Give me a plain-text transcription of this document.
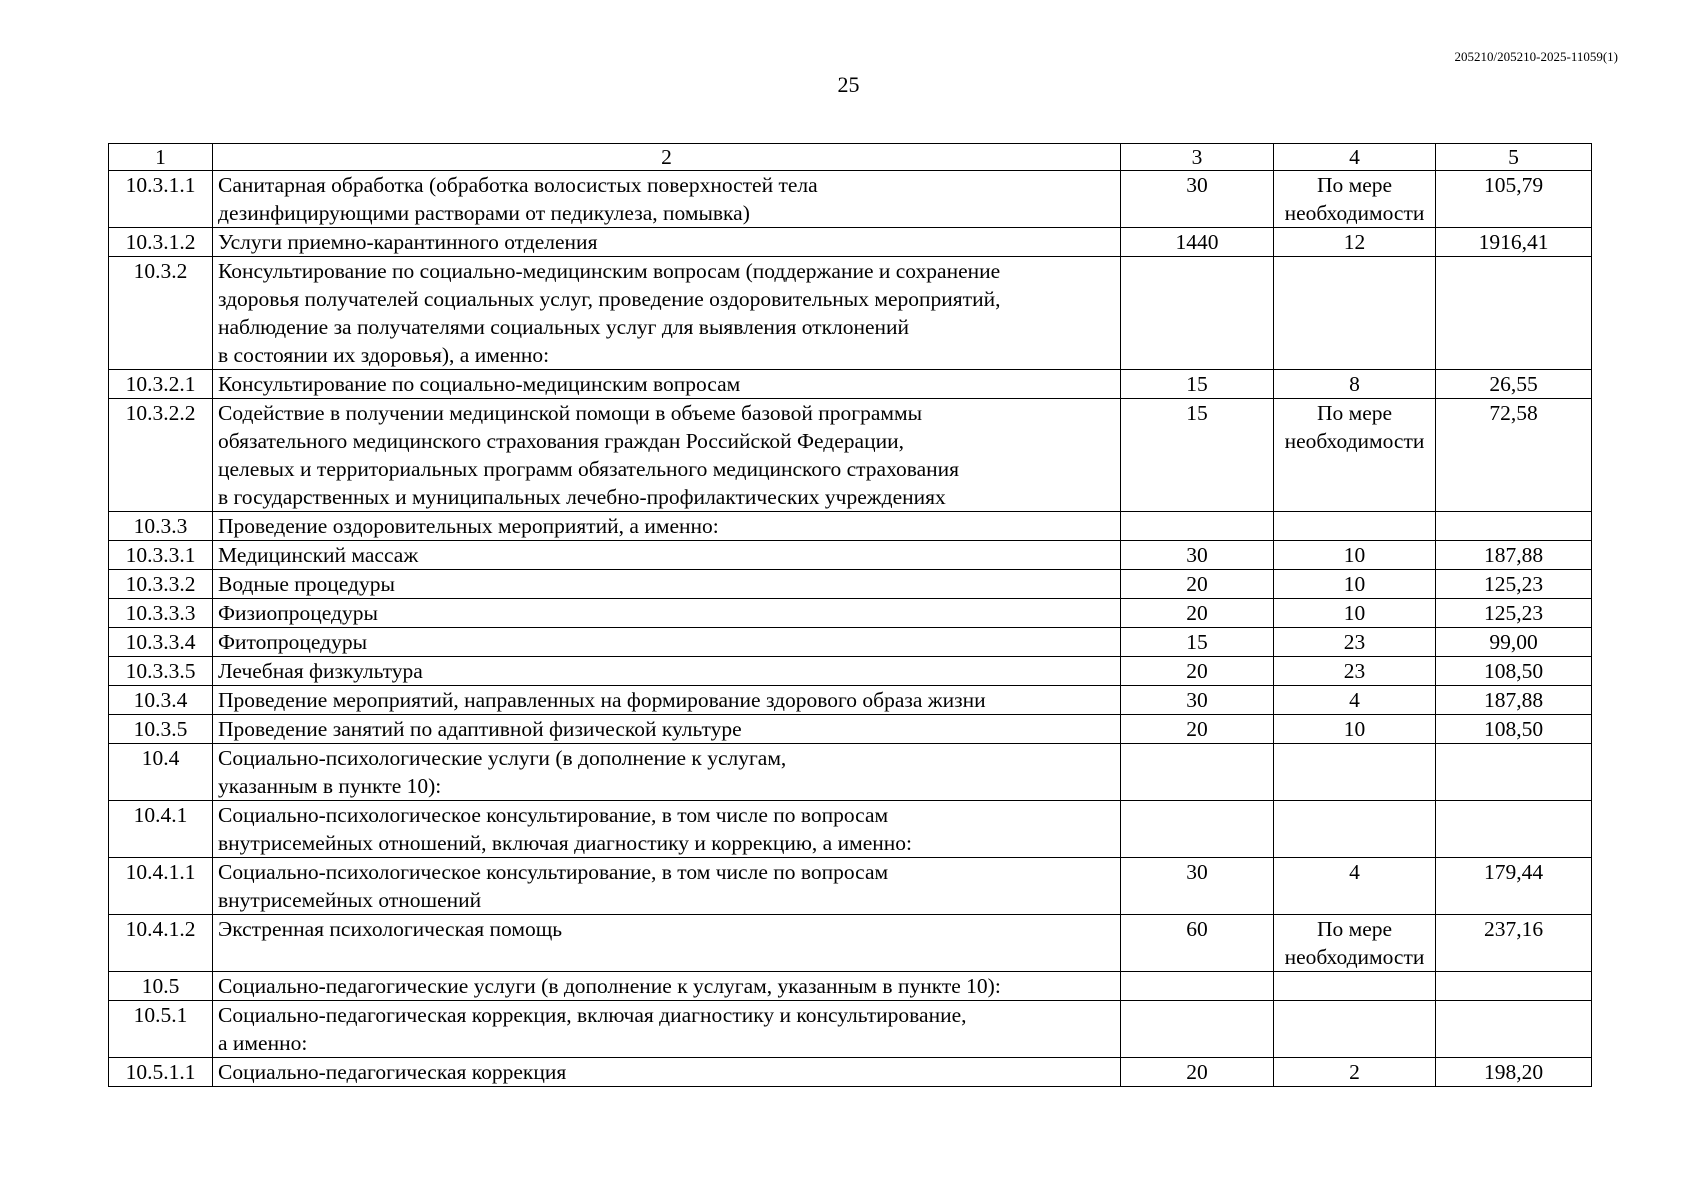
205210/205210-2025-11059(1)
25
1	2	3	4	5
10.3.1.1	Санитарная обработка (обработка волосистых поверхностей тела
дезинфицирующими растворами от педикулеза, помывка)	30	По мере
необходимости	105,79
10.3.1.2	Услуги приемно-карантинного отделения	1440	12	1916,41
10.3.2	Консультирование по социально-медицинским вопросам (поддержание и сохранение
здоровья получателей социальных услуг, проведение оздоровительных мероприятий,
наблюдение за получателями социальных услуг для выявления отклонений
в состоянии их здоровья), а именно:			
10.3.2.1	Консультирование по социально-медицинским вопросам	15	8	26,55
10.3.2.2	Содействие в получении медицинской помощи в объеме базовой программы
обязательного медицинского страхования граждан Российской Федерации,
целевых и территориальных программ обязательного медицинского страхования
в государственных и муниципальных лечебно-профилактических учреждениях	15	По мере
необходимости	72,58
10.3.3	Проведение оздоровительных мероприятий, а именно:			
10.3.3.1	Медицинский массаж	30	10	187,88
10.3.3.2	Водные процедуры	20	10	125,23
10.3.3.3	Физиопроцедуры	20	10	125,23
10.3.3.4	Фитопроцедуры	15	23	99,00
10.3.3.5	Лечебная физкультура	20	23	108,50
10.3.4	Проведение мероприятий, направленных на формирование здорового образа жизни	30	4	187,88
10.3.5	Проведение занятий по адаптивной физической культуре	20	10	108,50
10.4	Социально-психологические услуги (в дополнение к услугам,
указанным в пункте 10):			
10.4.1	Социально-психологическое консультирование, в том числе по вопросам
внутрисемейных отношений, включая диагностику и коррекцию, а именно:			
10.4.1.1	Социально-психологическое консультирование, в том числе по вопросам
внутрисемейных отношений	30	4	179,44
10.4.1.2	Экстренная психологическая помощь	60	По мере
необходимости	237,16
10.5	Социально-педагогические услуги (в дополнение к услугам, указанным в пункте 10):			
10.5.1	Социально-педагогическая коррекция, включая диагностику и консультирование,
а именно:			
10.5.1.1	Социально-педагогическая коррекция	20	2	198,20
